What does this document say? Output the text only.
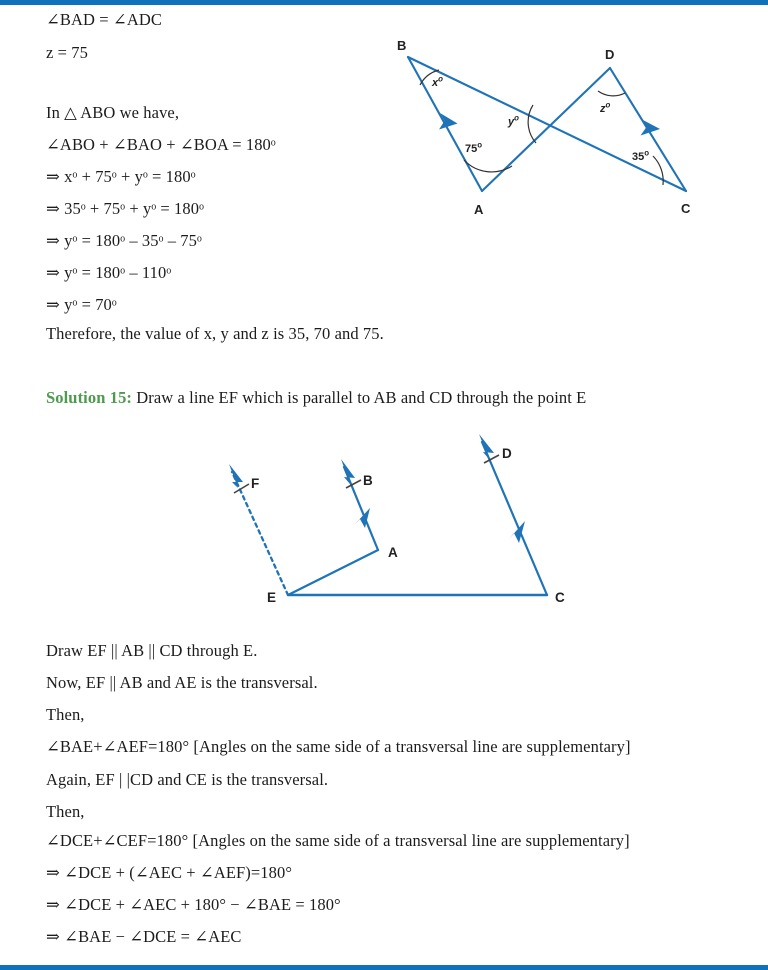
∠BAD = ∠ADC
z = 75
In △ ABO we have,
∠ABO + ∠BAO + ∠BOA = 180ᵒ
⇒ xᵒ + 75ᵒ + yᵒ = 180ᵒ
⇒ 35ᵒ + 75ᵒ + yᵒ = 180ᵒ
⇒ yᵒ = 180ᵒ – 35ᵒ – 75ᵒ
⇒ yᵒ = 180ᵒ – 110ᵒ
⇒ yᵒ = 70ᵒ
Therefore, the value of x, y and z is 35, 70 and 75.
B
A	C
D
$x^o$
$y^o$
$z^o$
75$^o$
35$^o$
Solution 15: Draw a line EF which is parallel to AB and CD through the point E
F	B
D
A
E	C
Draw EF || AB || CD through E.
Now, EF || AB and AE is the transversal.
Then,
∠BAE+∠AEF=180° [Angles on the same side of a transversal line are supplementary]
Again, EF | |CD and CE is the transversal.
Then,
∠DCE+∠CEF=180° [Angles on the same side of a transversal line are supplementary]
⇒ ∠DCE + (∠AEC + ∠AEF)=180°
⇒ ∠DCE + ∠AEC + 180° − ∠BAE = 180°
⇒ ∠BAE − ∠DCE = ∠AEC
